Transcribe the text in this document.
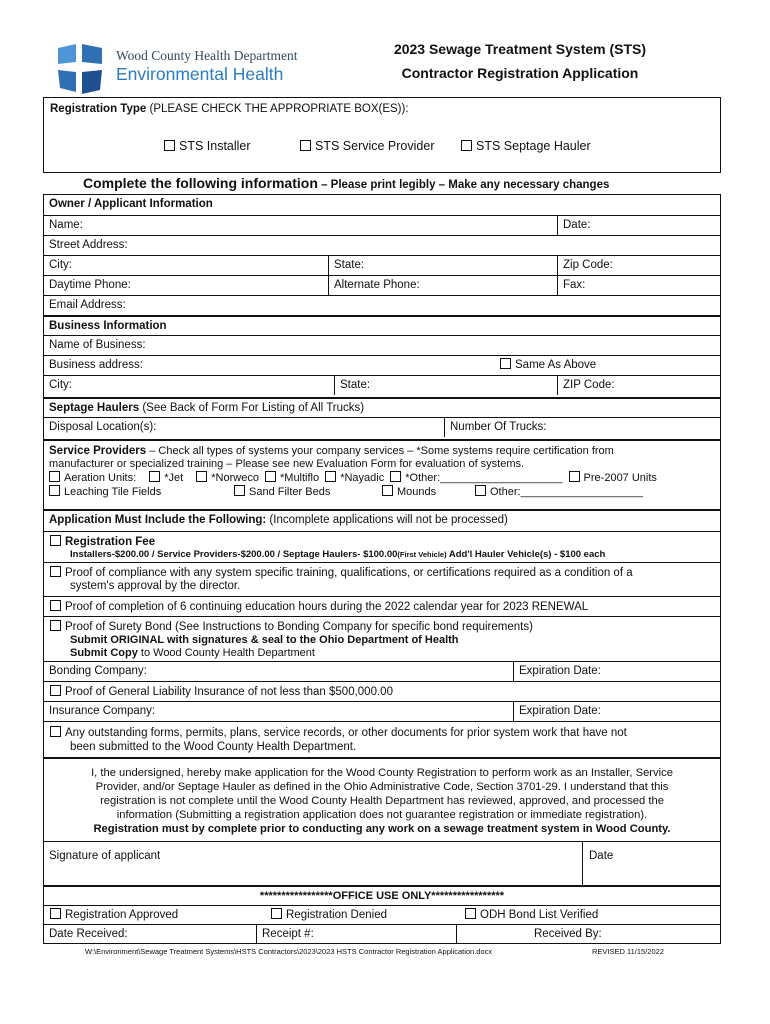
Wood County Health Department
Environmental Health
2023 Sewage Treatment System (STS)
Contractor Registration Application
Registration Type (PLEASE CHECK THE APPROPRIATE BOX(ES)):
STS Installer	STS Service Provider	STS Septage Hauler
Complete the following information – Please print legibly – Make any necessary changes
Owner / Applicant Information
Name:	Date:
Street Address:
City:	State:	Zip Code:
Daytime Phone:	Alternate Phone:	Fax:
Email Address:
Business Information
Name of Business:
Business address:	Same As Above
City:	State:	ZIP Code:
Septage Haulers (See Back of Form For Listing of All Trucks)
Disposal Location(s):	Number Of Trucks:
Service Providers – Check all types of systems your company services – *Some systems require certification from
manufacturer or specialized training – Please see new Evaluation Form for evaluation of systems.
Aeration Units:	*Jet	*Norweco *Multiflo *Nayadic *Other:____________________ Pre-2007 Units
Leaching Tile Fields	Sand Filter Beds	Mounds	Other:____________________
Application Must Include the Following: (Incomplete applications will not be processed)
Registration Fee
Installers-$200.00 / Service Providers-$200.00 / Septage Haulers- $100.00(First Vehicle) Add'l Hauler Vehicle(s) - $100 each
Proof of compliance with any system specific training, qualifications, or certifications required as a condition of a
system's approval by the director.
Proof of completion of 6 continuing education hours during the 2022 calendar year for 2023 RENEWAL
Proof of Surety Bond (See Instructions to Bonding Company for specific bond requirements)
Submit ORIGINAL with signatures & seal to the Ohio Department of Health
Submit Copy to Wood County Health Department
Bonding Company:	Expiration Date:
Proof of General Liability Insurance of not less than $500,000.00
Insurance Company:	Expiration Date:
Any outstanding forms, permits, plans, service records, or other documents for prior system work that have not
been submitted to the Wood County Health Department.
I, the undersigned, hereby make application for the Wood County Registration to perform work as an Installer, Service
Provider, and/or Septage Hauler as defined in the Ohio Administrative Code, Section 3701-29. I understand that this
registration is not complete until the Wood County Health Department has reviewed, approved, and processed the
information (Submitting a registration application does not guarantee registration or immediate registration).
Registration must by complete prior to conducting any work on a sewage treatment system in Wood County.
Signature of applicant	Date
*****************OFFICE USE ONLY*****************
Registration Approved	Registration Denied	ODH Bond List Verified
Date Received:	Receipt #:	Received By:
W:\Environment\Sewage Treatment Systems\HSTS Contractors\2023\2023 HSTS Contractor Registration Application.docx	REVISED 11/15/2022
